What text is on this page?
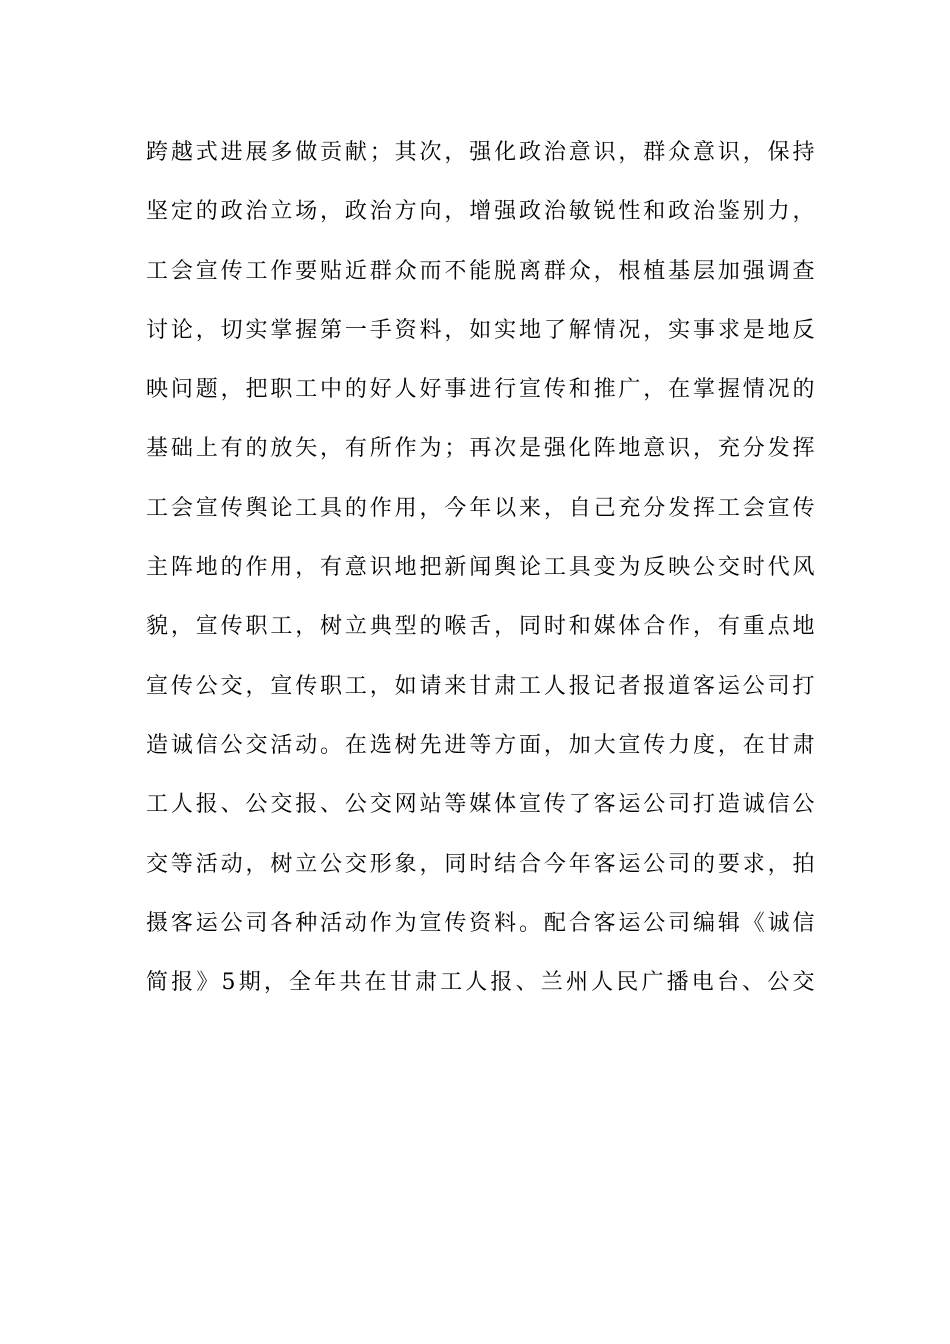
跨越式进展多做贡献；其次，强化政治意识，群众意识，保持
坚定的政治立场，政治方向，增强政治敏锐性和政治鉴别力，
工会宣传工作要贴近群众而不能脱离群众，根植基层加强调查
讨论，切实掌握第一手资料，如实地了解情况，实事求是地反
映问题，把职工中的好人好事进行宣传和推广，在掌握情况的
基础上有的放矢，有所作为；再次是强化阵地意识，充分发挥
工会宣传舆论工具的作用，今年以来，自己充分发挥工会宣传
主阵地的作用，有意识地把新闻舆论工具变为反映公交时代风
貌，宣传职工，树立典型的喉舌，同时和媒体合作，有重点地
宣传公交，宣传职工，如请来甘肃工人报记者报道客运公司打
造诚信公交活动。在选树先进等方面，加大宣传力度，在甘肃
工人报、公交报、公交网站等媒体宣传了客运公司打造诚信公
交等活动，树立公交形象，同时结合今年客运公司的要求，拍
摄客运公司各种活动作为宣传资料。配合客运公司编辑《诚信
简报》5期，全年共在甘肃工人报、兰州人民广播电台、公交
